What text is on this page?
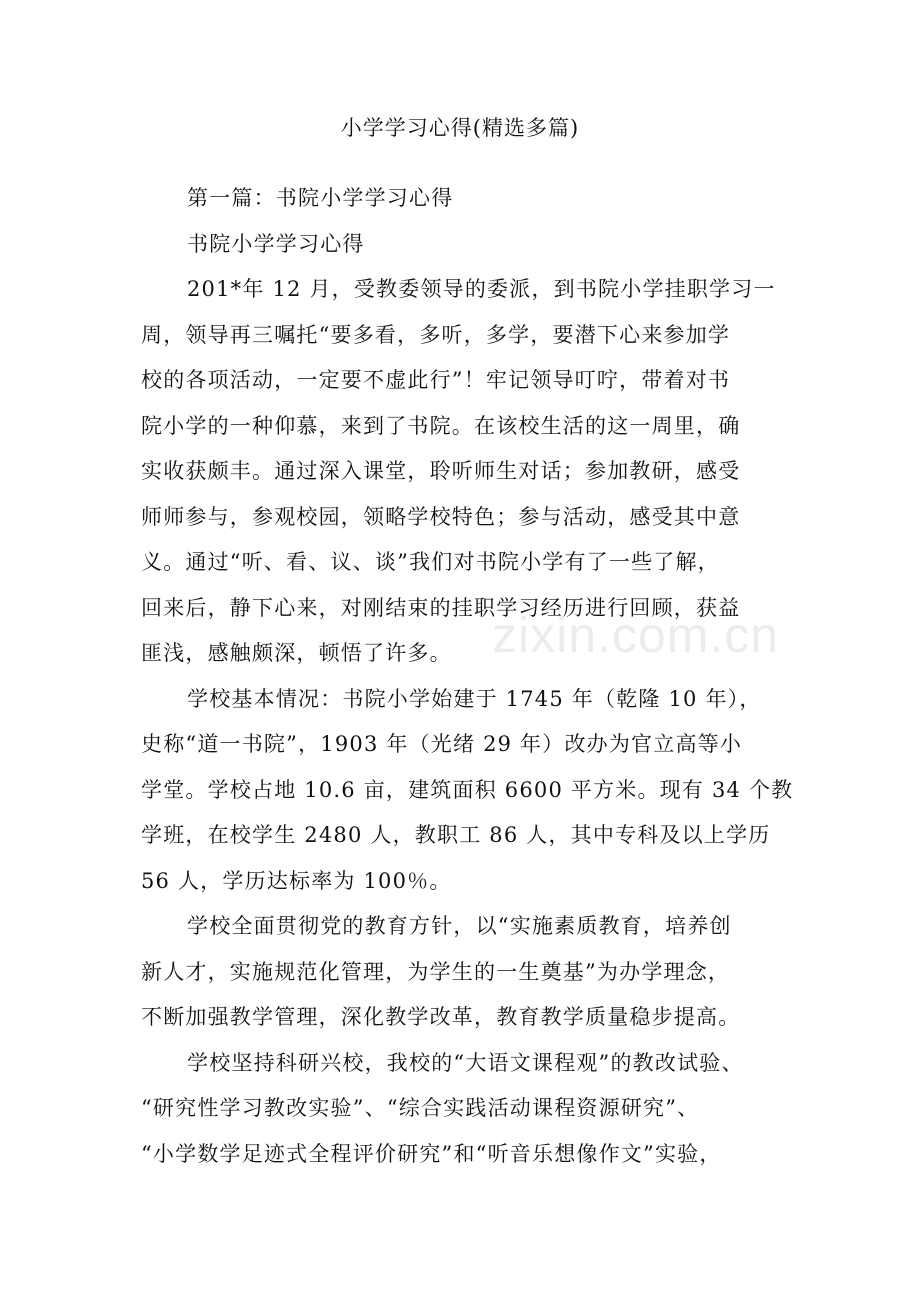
小学学习心得(精选多篇)
第一篇：书院小学学习心得
书院小学学习心得
201*年 12 月，受教委领导的委派，到书院小学挂职学习一
周，领导再三嘱托“要多看，多听，多学，要潜下心来参加学
校的各项活动，一定要不虚此行”！牢记领导叮咛，带着对书
院小学的一种仰慕，来到了书院。在该校生活的这一周里，确
实收获颇丰。通过深入课堂，聆听师生对话；参加教研，感受
师师参与，参观校园，领略学校特色；参与活动，感受其中意
义。通过“听、看、议、谈”我们对书院小学有了一些了解，
回来后，静下心来，对刚结束的挂职学习经历进行回顾，获益
匪浅，感触颇深，顿悟了许多。
学校基本情况：书院小学始建于 1745 年（乾隆 10 年），
史称“道一书院”，1903 年（光绪 29 年）改办为官立高等小
学堂。学校占地 10.6 亩，建筑面积 6600 平方米。现有 34 个教
学班，在校学生 2480 人，教职工 86 人，其中专科及以上学历
56 人，学历达标率为 100％。
学校全面贯彻党的教育方针，以“实施素质教育，培养创
新人才，实施规范化管理，为学生的一生奠基”为办学理念，
不断加强教学管理，深化教学改革，教育教学质量稳步提高。
学校坚持科研兴校，我校的“大语文课程观”的教改试验、
“研究性学习教改实验”、“综合实践活动课程资源研究”、
“小学数学足迹式全程评价研究”和“听音乐想像作文”实验，
zixin.com.cn
